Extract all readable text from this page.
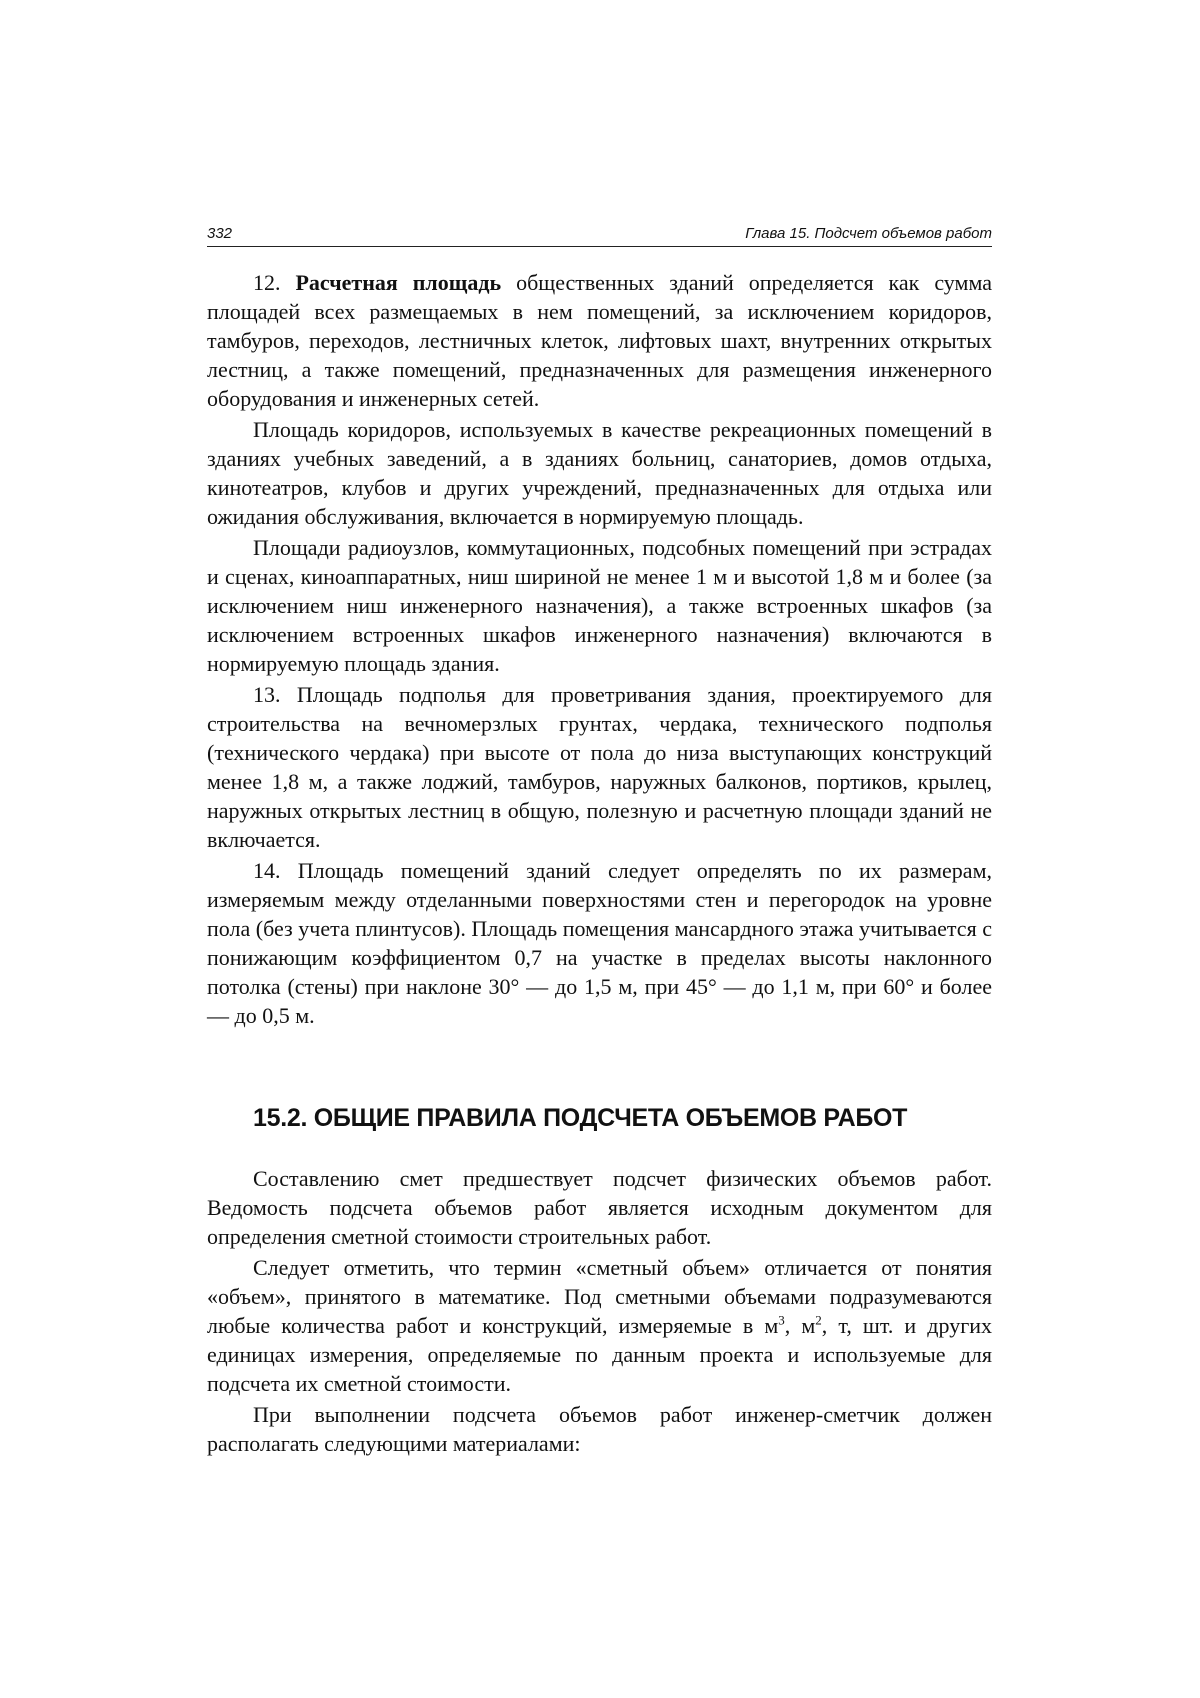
332	Глава 15. Подсчет объемов работ

12. Расчетная площадь общественных зданий определяется как сумма площадей всех размещаемых в нем помещений, за исключением коридоров, тамбуров, переходов, лестничных клеток, лифтовых шахт, внутренних открытых лестниц, а также помещений, предназначенных для размещения инженерного оборудования и инженерных сетей.

Площадь коридоров, используемых в качестве рекреационных помещений в зданиях учебных заведений, а в зданиях больниц, санаториев, домов отдыха, кинотеатров, клубов и других учреждений, предназначенных для отдыха или ожидания обслуживания, включается в нормируемую площадь.

Площади радиоузлов, коммутационных, подсобных помещений при эстрадах и сценах, киноаппаратных, ниш шириной не менее 1 м и высотой 1,8 м и более (за исключением ниш инженерного назначения), а также встроенных шкафов (за исключением встроенных шкафов инженерного назначения) включаются в нормируемую площадь здания.

13. Площадь подполья для проветривания здания, проектируемого для строительства на вечномерзлых грунтах, чердака, технического подполья (технического чердака) при высоте от пола до низа выступающих конструкций менее 1,8 м, а также лоджий, тамбуров, наружных балконов, портиков, крылец, наружных открытых лестниц в общую, полезную и расчетную площади зданий не включается.

14. Площадь помещений зданий следует определять по их размерам, измеряемым между отделанными поверхностями стен и перегородок на уровне пола (без учета плинтусов). Площадь помещения мансардного этажа учитывается с понижающим коэффициентом 0,7 на участке в пределах высоты наклонного потолка (стены) при наклоне 30° — до 1,5 м, при 45° — до 1,1 м, при 60° и более — до 0,5 м.

15.2. ОБЩИЕ ПРАВИЛА ПОДСЧЕТА ОБЪЕМОВ РАБОТ

Составлению смет предшествует подсчет физических объемов работ. Ведомость подсчета объемов работ является исходным документом для определения сметной стоимости строительных работ.

Следует отметить, что термин «сметный объем» отличается от понятия «объем», принятого в математике. Под сметными объемами подразумеваются любые количества работ и конструкций, измеряемые в $м^3$, $м^2$, т, шт. и других единицах измерения, определяемые по данным проекта и используемые для подсчета их сметной стоимости.

При выполнении подсчета объемов работ инженер-сметчик должен располагать следующими материалами:
